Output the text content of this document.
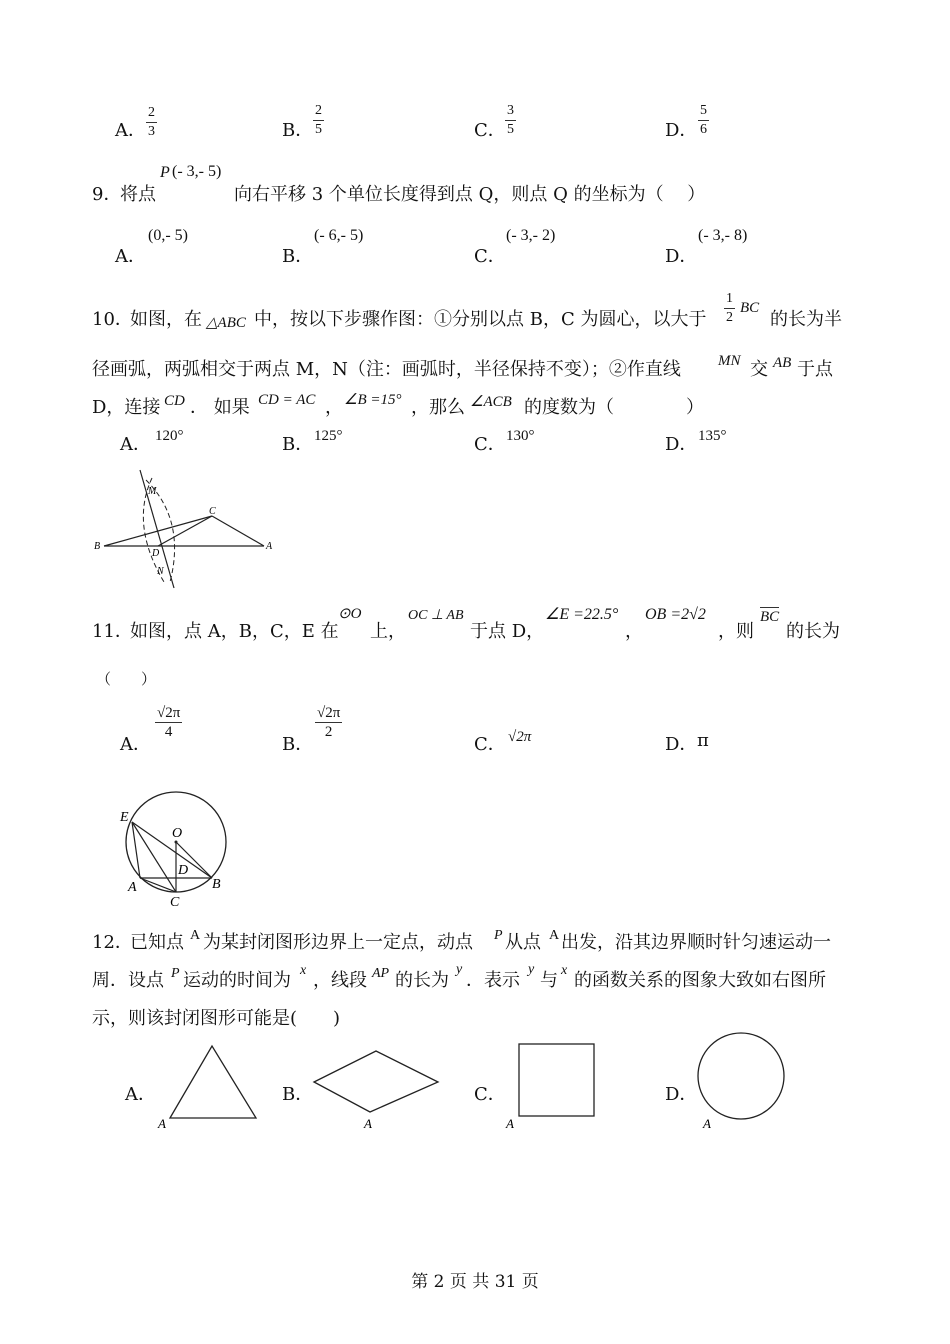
A． $\frac{2}{3}$	B． $\frac{2}{5}$	C． $\frac{3}{5}$	D． $\frac{5}{6}$
9．
将点
P (- 3,- 5)
向右平移 3 个单位长度得到点 Q，则点 Q 的坐标为（　 ）
A．
(0,- 5)
B．
(- 6,- 5)
C．
(- 3,- 2)
D．
(- 3,- 8)
10．
如图，在 △ABC 中，按以下步骤作图：①分别以点 B，C 为圆心，以大于 $\frac{1}{2}$ BC
的长为半
径画弧，两弧相交于两点 M，N（注：画弧时，半径保持不变）；②作直线 MN 交 AB 于点
D，连接 CD ． 如果 CD = AC ， ∠B =15° ，那么 ∠ACB 的度数为（　　　　）
A． 120°	B． 125°	C． 130°	D． 135°
M
C
B
D
A
N
11．
如图，点 A，B，C，E 在
⊙O
上，
OC ⊥ AB
于点 D，
∠E =22.5°
，
OB =2√2
，则
BC
的长为
（　　）
A．
$\frac{√2\pi}{4}$
B．
$\frac{√2\pi}{2}$
C． √2π	D． π
E
O
D
A	B
C
12．
已知点 A 为某封闭图形边界上一定点，动点 P 从点 A 出发，沿其边界顺时针匀速运动一
周．设点 P 运动的时间为 x ，线段 AP 的长为
y
．表示
y
与 x 的函数关系的图象大致如右图所
示，则该封闭图形可能是(　　)
A．
A
B．
A
C．
A
D．
A
第 2 页 共 31 页
